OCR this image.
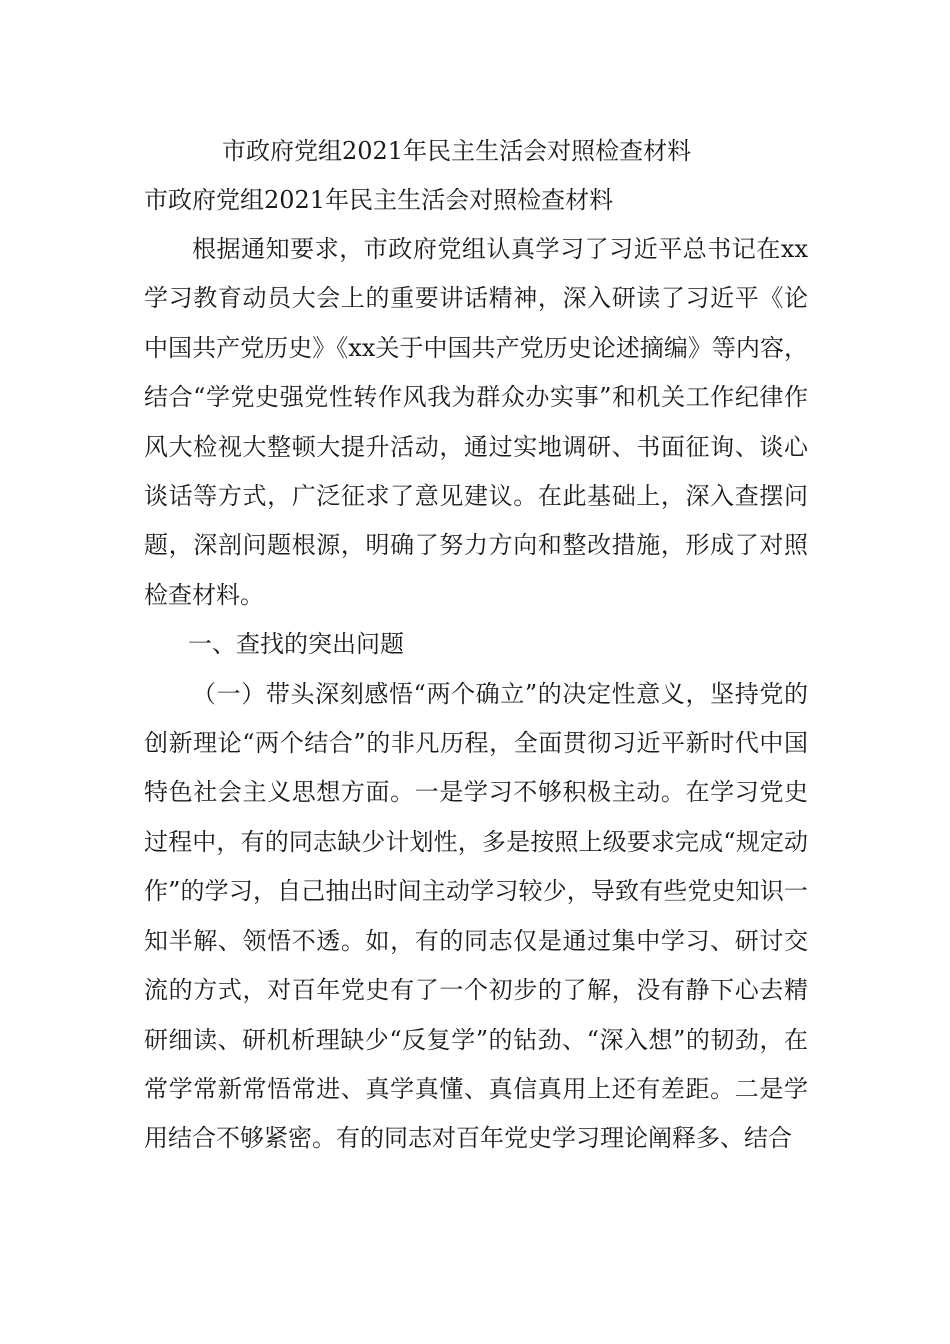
市政府党组2021年民主生活会对照检查材料
市政府党组2021年民主生活会对照检查材料

根据通知要求，市政府党组认真学习了习近平总书记在xx学习教育动员大会上的重要讲话精神，深入研读了习近平《论中国共产党历史》《xx关于中国共产党历史论述摘编》等内容，结合“学党史强党性转作风我为群众办实事”和机关工作纪律作风大检视大整顿大提升活动，通过实地调研、书面征询、谈心谈话等方式，广泛征求了意见建议。在此基础上，深入查摆问题，深剖问题根源，明确了努力方向和整改措施，形成了对照检查材料。

一、查找的突出问题

（一）带头深刻感悟“两个确立”的决定性意义，坚持党的创新理论“两个结合”的非凡历程，全面贯彻习近平新时代中国特色社会主义思想方面。一是学习不够积极主动。在学习党史过程中，有的同志缺少计划性，多是按照上级要求完成“规定动作”的学习，自己抽出时间主动学习较少，导致有些党史知识一知半解、领悟不透。如，有的同志仅是通过集中学习、研讨交流的方式，对百年党史有了一个初步的了解，没有静下心去精研细读、研机析理缺少“反复学”的钻劲、“深入想”的韧劲，在常学常新常悟常进、真学真懂、真信真用上还有差距。二是学用结合不够紧密。有的同志对百年党史学习理论阐释多、结合
